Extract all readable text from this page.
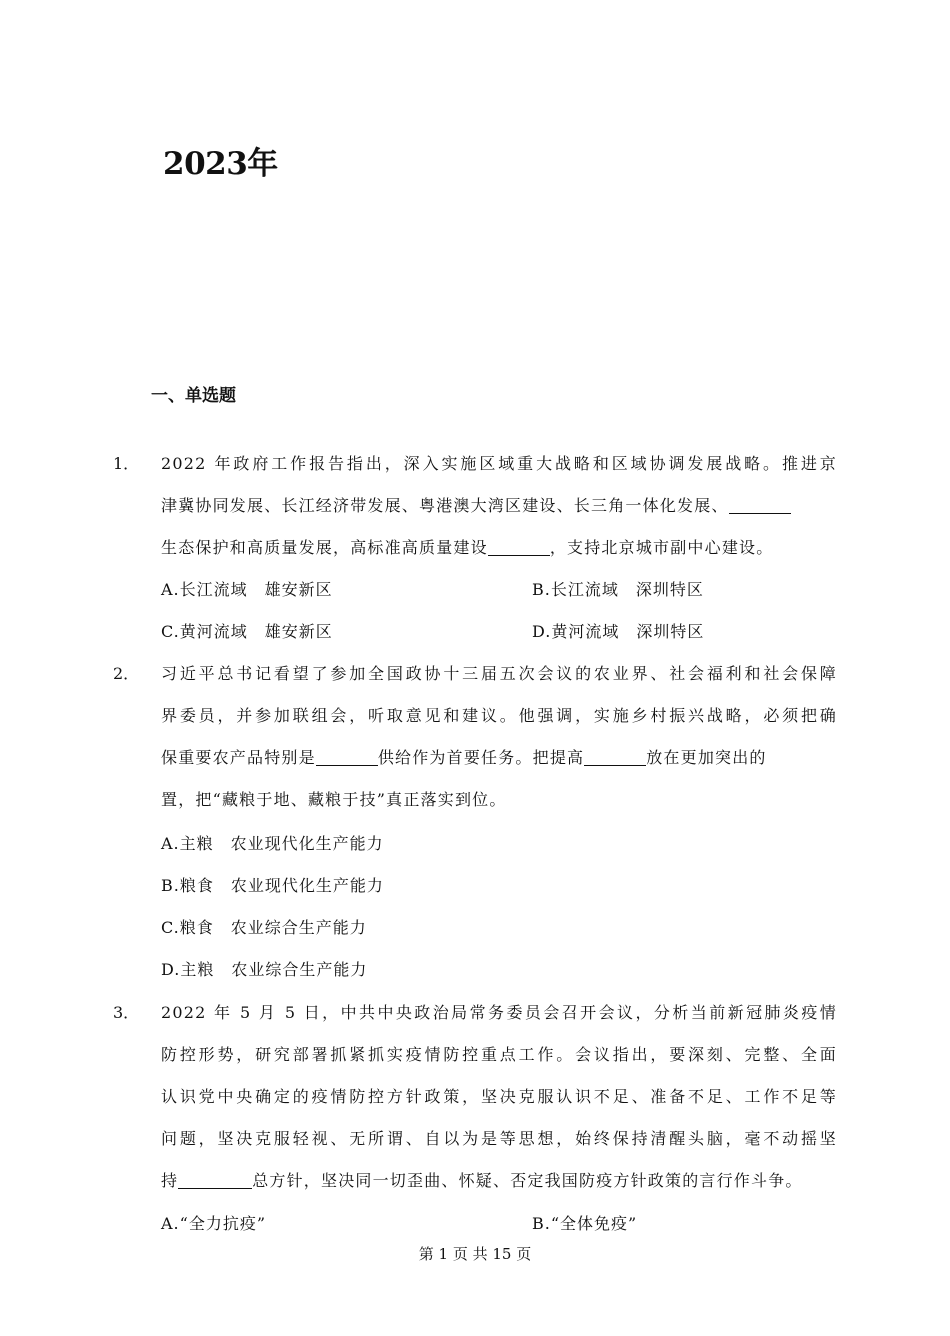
2023年
一、单选题
1． 2022 年政府工作报告指出，深入实施区域重大战略和区域协调发展战略。推进京
津冀协同发展、长江经济带发展、粤港澳大湾区建设、长三角一体化发展、
生态保护和高质量发展，高标准高质量建设	，支持北京城市副中心建设。
A.长江流域　雄安新区	B.长江流域　深圳特区
C.黄河流域　雄安新区	D.黄河流域　深圳特区
2． 习近平总书记看望了参加全国政协十三届五次会议的农业界、社会福利和社会保障
界委员，并参加联组会，听取意见和建议。他强调，实施乡村振兴战略，必须把确
保重要农产品特别是	供给作为首要任务。把提高	放在更加突出的
置，把“藏粮于地、藏粮于技”真正落实到位。
A.主粮　农业现代化生产能力
B.粮食　农业现代化生产能力
C.粮食　农业综合生产能力
D.主粮　农业综合生产能力
3． 2022 年 5 月 5 日，中共中央政治局常务委员会召开会议，分析当前新冠肺炎疫情
防控形势，研究部署抓紧抓实疫情防控重点工作。会议指出，要深刻、完整、全面
认识党中央确定的疫情防控方针政策，坚决克服认识不足、准备不足、工作不足等
问题，坚决克服轻视、无所谓、自以为是等思想，始终保持清醒头脑，毫不动摇坚
持	总方针，坚决同一切歪曲、怀疑、否定我国防疫方针政策的言行作斗争。
A.“全力抗疫”	B.“全体免疫”
第 1 页 共 15 页
